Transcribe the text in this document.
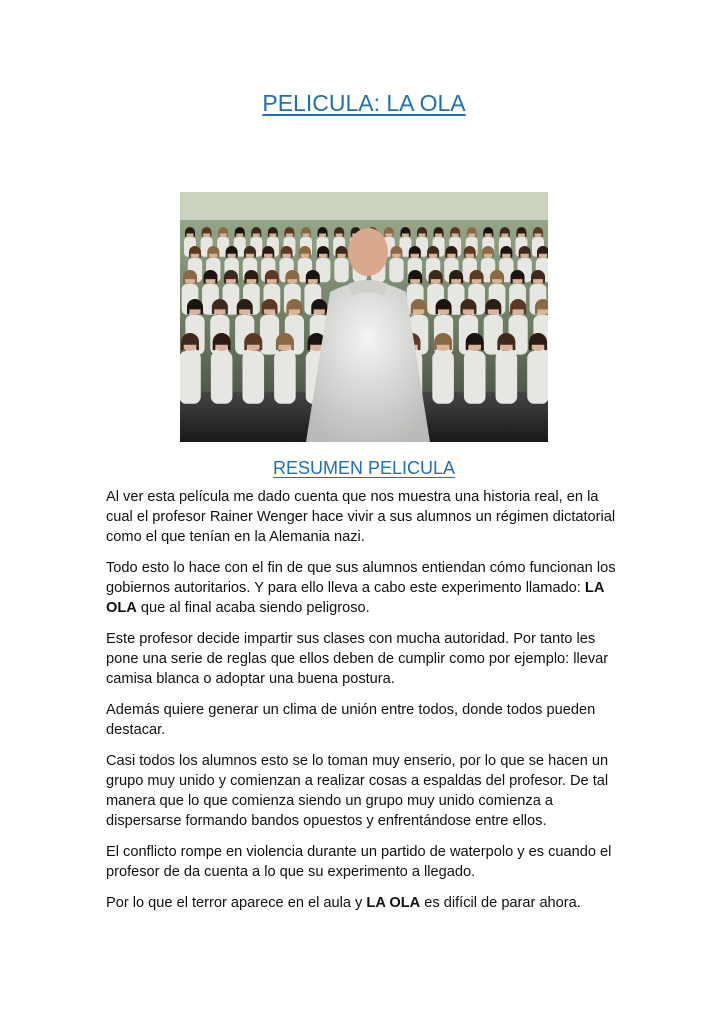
PELICULA: LA OLA
RESUMEN PELICULA

Al ver esta película me dado cuenta que nos muestra una historia real, en la
cual el profesor Rainer Wenger hace vivir a sus alumnos un régimen dictatorial
como el que tenían en la Alemania nazi.

Todo esto lo hace con el fin de que sus alumnos entiendan cómo funcionan los
gobiernos autoritarios. Y para ello lleva a cabo este experimento llamado: LA
OLA que al final acaba siendo peligroso.

Este profesor decide impartir sus clases con mucha autoridad. Por tanto les
pone una serie de reglas que ellos deben de cumplir como por ejemplo: llevar
camisa blanca o adoptar una buena postura.

Además quiere generar un clima de unión entre todos, donde todos pueden
destacar.

Casi todos los alumnos esto se lo toman muy enserio, por lo que se hacen un
grupo muy unido y comienzan a realizar cosas a espaldas del profesor. De tal
manera que lo que comienza siendo un grupo muy unido comienza a
dispersarse formando bandos opuestos y enfrentándose entre ellos.

El conflicto rompe en violencia durante un partido de waterpolo y es cuando el
profesor de da cuenta a lo que su experimento a llegado.

Por lo que el terror aparece en el aula y LA OLA es difícil de parar ahora.
